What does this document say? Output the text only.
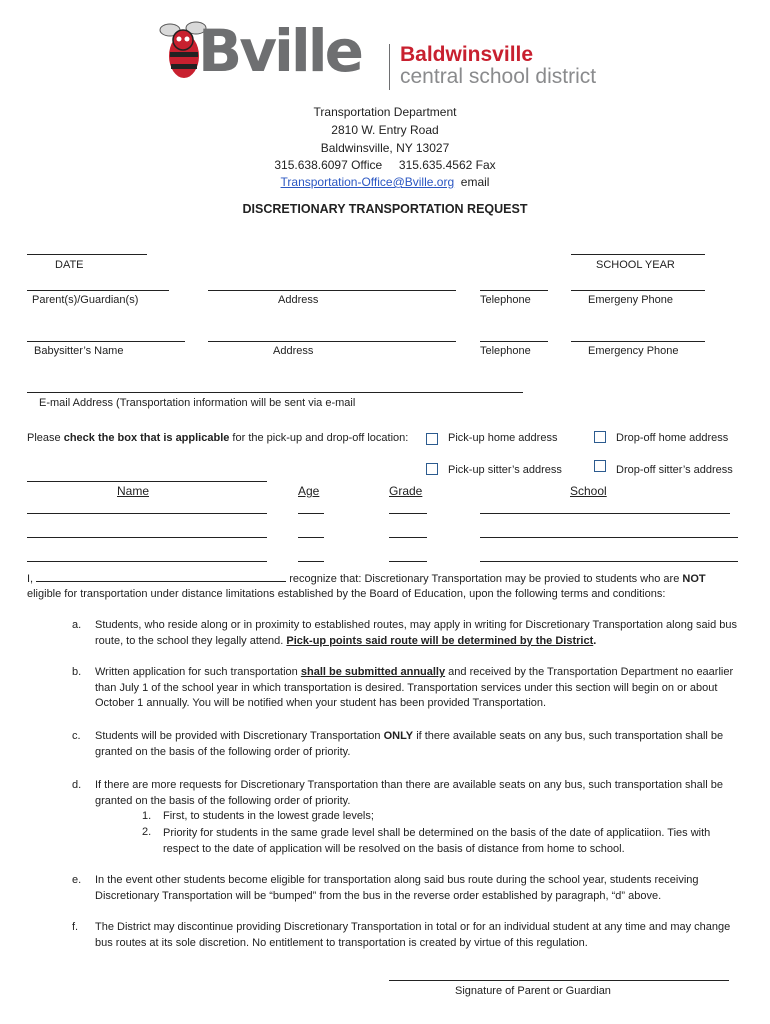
Bville Baldwinsville
central school district
Transportation Department
2810 W. Entry Road
Baldwinsville, NY 13027
315.638.6097 Office     315.635.4562 Fax
Transportation-Office@Bville.org  email
DISCRETIONARY TRANSPORTATION REQUEST
DATE	SCHOOL YEAR
Parent(s)/Guardian(s)	Address	Telephone	Emergeny Phone
Babysitter’s Name	Address	Telephone	Emergency Phone
E-mail Address (Transportation information will be sent via e-mail
Please check the box that is applicable for the pick-up and drop-off location:	Pick-up home address	Drop-off home address
Pick-up sitter’s address	Drop-off sitter’s address
Name	Age	Grade	School
I,	recognize that: Discretionary Transportation may be provied to students who are NOT
eligible for transportation under distance limitations established by the Board of Education, upon the following terms and conditions:
a. Students, who reside along or in proximity to established routes, may apply in writing for Discretionary Transportation along said bus route, to the school they legally attend. Pick-up points said route will be determined by the District.
b. Written application for such transportation shall be submitted annually and received by the Transportation Department no eaarlier than July 1 of the school year in which transportation is desired. Transportation services under this section will begin on or about October 1 annually. You will be notified when your student has been provided Transportation.
c. Students will be provided with Discretionary Transportation ONLY if there available seats on any bus, such transportation shall be granted on the basis of the following order of priority.
d. If there are more requests for Discretionary Transportation than there are available seats on any bus, such transportation shall be granted on the basis of the following order of priority.
1. First, to students in the lowest grade levels;
2. Priority for students in the same grade level shall be determined on the basis of the date of applicatiion. Ties with respect to the date of application will be resolved on the basis of distance from home to school.
e. In the event other students become eligible for transportation along said bus route during the school year, students receiving Discretionary Transportation will be “bumped” from the bus in the reverse order established by paragraph, “d” above.
f. The District may discontinue providing Discretionary Transportation in total or for an individual student at any time and may change bus routes at its sole discretion. No entitlement to transportation is created by virtue of this regulation.
Signature of Parent or Guardian
